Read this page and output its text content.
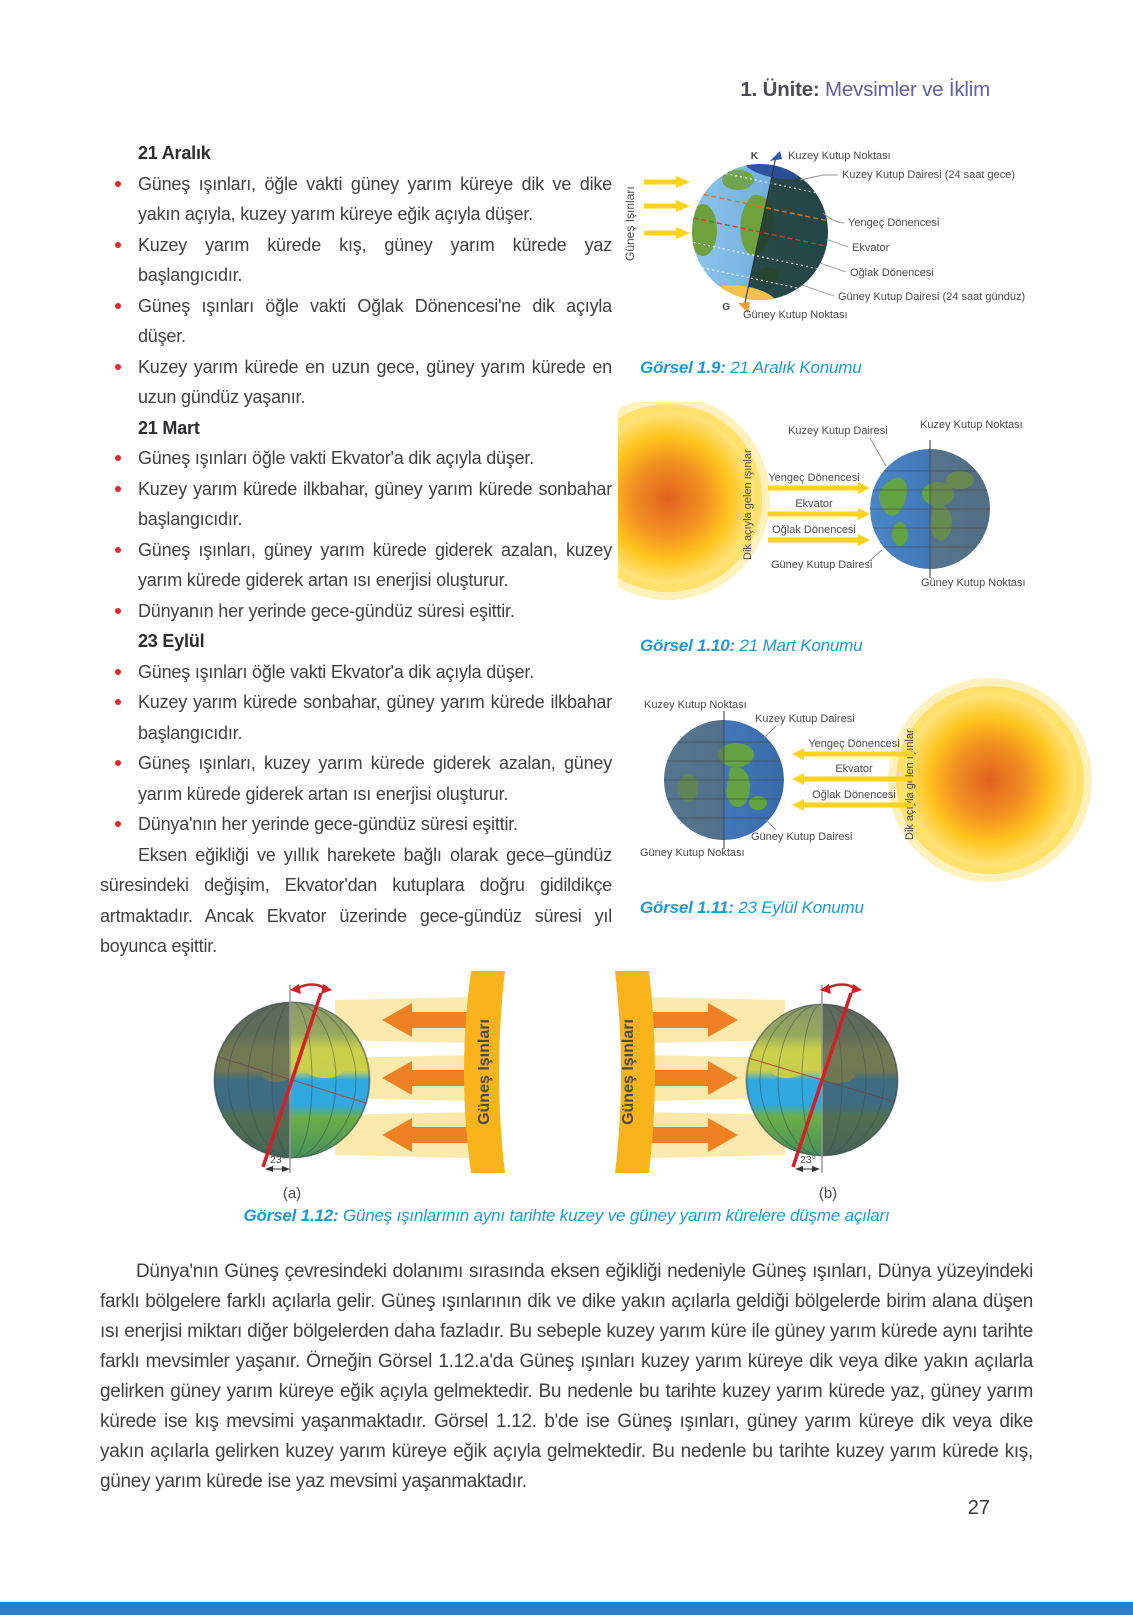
1. Ünite: Mevsimler ve İklim
21 Aralık
Güneş ışınları, öğle vakti güney yarım küreye dik ve dike yakın açıyla, kuzey yarım küreye eğik açıyla düşer.
Kuzey yarım kürede kış, güney yarım kürede yaz başlangıcıdır.
Güneş ışınları öğle vakti Oğlak Dönencesi'ne dik açıyla düşer.
Kuzey yarım kürede en uzun gece, güney yarım kürede en uzun gündüz yaşanır.
21 Mart
Güneş ışınları öğle vakti Ekvator'a dik açıyla düşer.
Kuzey yarım kürede ilkbahar, güney yarım kürede sonbahar başlangıcıdır.
Güneş ışınları, güney yarım kürede giderek azalan, kuzey yarım kürede giderek artan ısı enerjisi oluşturur.
Dünyanın her yerinde gece-gündüz süresi eşittir.
23 Eylül
Güneş ışınları öğle vakti Ekvator'a dik açıyla düşer.
Kuzey yarım kürede sonbahar, güney yarım kürede ilkbahar başlangıcıdır.
Güneş ışınları, kuzey yarım kürede giderek azalan, güney yarım kürede giderek artan ısı enerjisi oluşturur.
Dünya'nın her yerinde gece-gündüz süresi eşittir.

Eksen eğikliği ve yıllık harekete bağlı olarak gece–gündüz süresindeki değişim, Ekvator'dan kutuplara doğru gidildikçe artmaktadır. Ancak Ekvator üzerinde gece-gündüz süresi yıl boyunca eşittir.

Güneş Işınları
K	Kuzey Kutup Noktası
Kuzey Kutup Dairesi (24 saat gece)
Yengeç Dönencesi
Ekvator
Oğlak Dönencesi
Güney Kutup Dairesi (24 saat gündüz)
G
Güney Kutup Noktası
Görsel 1.9: 21 Aralık Konumu
Dik açıyla gelen ışınlar Yengeç Dönencesi
Ekvator
Oğlak Dönencesi
Kuzey Kutup Dairesi	Kuzey Kutup Noktası
Güney Kutup Dairesi
Güney Kutup Noktası
Görsel 1.10: 21 Mart Konumu
Dik açıyla gelen ışınlar
Yengeç Dönencesi
Ekvator
Oğlak Dönencesi
Kuzey Kutup Noktası
Kuzey Kutup Dairesi
Güney Kutup Dairesi
Güney Kutup Noktası
Görsel 1.11: 23 Eylül Konumu
23°
Güneş Işınları
(a)
23°
Güneş Işınları
(b)
Görsel 1.12: Güneş ışınlarının aynı tarihte kuzey ve güney yarım kürelere düşme açıları

Dünya'nın Güneş çevresindeki dolanımı sırasında eksen eğikliği nedeniyle Güneş ışınları, Dünya yüzeyindeki farklı bölgelere farklı açılarla gelir. Güneş ışınlarının dik ve dike yakın açılarla geldiği bölgelerde birim alana düşen ısı enerjisi miktarı diğer bölgelerden daha fazladır. Bu sebeple kuzey yarım küre ile güney yarım kürede aynı tarihte farklı mevsimler yaşanır. Örneğin Görsel 1.12.a'da Güneş ışınları kuzey yarım küreye dik veya dike yakın açılarla gelirken güney yarım küreye eğik açıyla gelmektedir. Bu nedenle bu tarihte kuzey yarım kürede yaz, güney yarım kürede ise kış mevsimi yaşanmaktadır. Görsel 1.12. b'de ise Güneş ışınları, güney yarım küreye dik veya dike yakın açılarla gelirken kuzey yarım küreye eğik açıyla gelmektedir. Bu nedenle bu tarihte kuzey yarım kürede kış, güney yarım kürede ise yaz mevsimi yaşanmaktadır.

27
